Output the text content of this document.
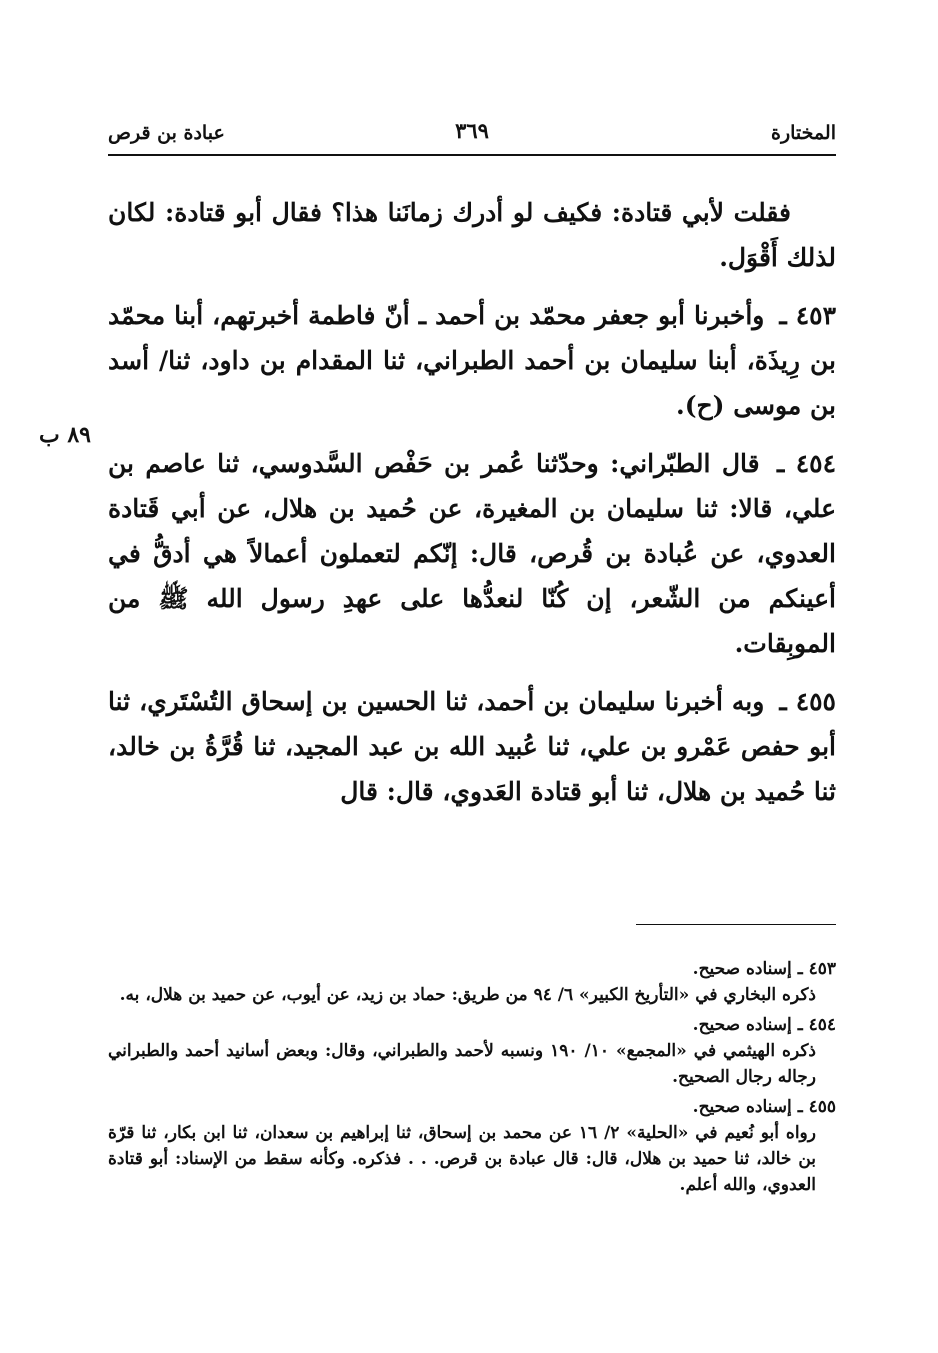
المختارة
٣٦٩
عبادة بن قرص
٨٩ ب

فقلت لأبي قتادة: فكيف لو أدرك زمانَنا هذا؟ فقال أبو قتادة: لكان لذلك أَقْوَل.

٤٥٣ ـ وأخبرنا أبو جعفر محمّد بن أحمد ـ أنّ فاطمة أخبرتهم، أبنا محمّد بن رِيذَة، أبنا سليمان بن أحمد الطبراني، ثنا المقدام بن داود، ثنا/ أسد بن موسى (ح).

٤٥٤ ـ قال الطبّراني: وحدّثنا عُمر بن حَفْص السَّدوسي، ثنا عاصم بن علي، قالا: ثنا سليمان بن المغيرة، عن حُميد بن هلال، عن أبي قَتادة العدوي، عن عُبادة بن قُرص، قال: إنّكم لتعملون أعمالاً هي أدقُّ في أعينكم من الشّعر، إن كُنّا لنعدُّها على عهدِ رسول الله ﷺ من الموبِقات.

٤٥٥ ـ وبه أخبرنا سليمان بن أحمد، ثنا الحسين بن إسحاق التُسْتَري، ثنا أبو حفص عَمْرو بن علي، ثنا عُبيد الله بن عبد المجيد، ثنا قُرَّةُ بن خالد، ثنا حُميد بن هلال، ثنا أبو قتادة العَدوي، قال: قال

٤٥٣ ـ إسناده صحيح.
ذكره البخاري في «التأريخ الكبير» ٦/ ٩٤ من طريق: حماد بن زيد، عن أيوب، عن حميد بن هلال، به.
٤٥٤ ـ إسناده صحيح.
ذكره الهيثمي في «المجمع» ١٠/ ١٩٠ ونسبه لأحمد والطبراني، وقال: وبعض أسانيد أحمد والطبراني رجاله رجال الصحيح.
٤٥٥ ـ إسناده صحيح.
رواه أبو نُعيم في «الحلية» ٢/ ١٦ عن محمد بن إسحاق، ثنا إبراهيم بن سعدان، ثنا ابن بكار، ثنا قرّة بن خالد، ثنا حميد بن هلال، قال: قال عبادة بن قرص. . . فذكره. وكأنه سقط من الإسناد: أبو قتادة العدوي، والله أعلم.
